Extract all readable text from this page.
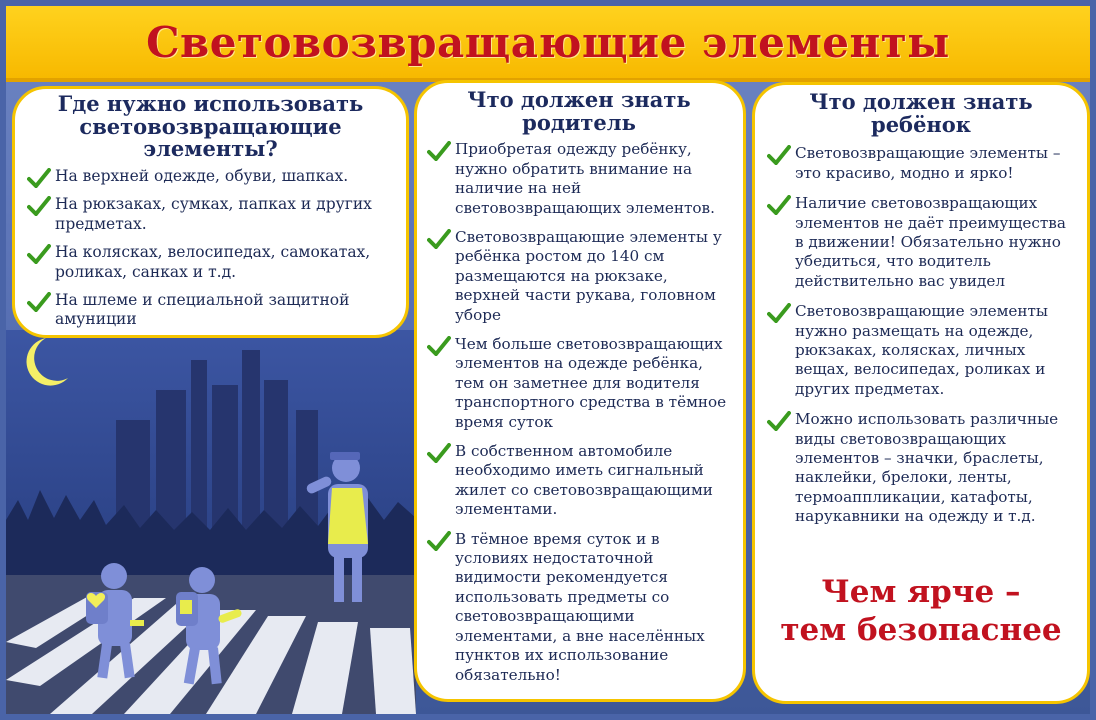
Световозвращающие элементы
Где нужно использовать световозвращающие элементы?
На верхней одежде, обуви, шапках.
На рюкзаках, сумках, папках и других предметах.
На колясках, велосипедах, самокатах, роликах, санках и т.д.
На шлеме и специальной защитной амуниции
Что должен знать родитель
Приобретая одежду ребёнку, нужно обратить внимание на наличие на ней световозвращающих элементов.
Световозвращающие элементы у ребёнка ростом до 140 см размещаются на рюкзаке, верхней части рукава, головном уборе
Чем больше световозвращающих элементов на одежде ребёнка, тем он заметнее для водителя транспортного средства в тёмное время суток
В собственном автомобиле необходимо иметь сигнальный жилет со световозвращающими элементами.
В тёмное время суток и в условиях недостаточной видимости рекомендуется использовать предметы со световозвращающими элементами, а вне населённых пунктов их использование обязательно!
Что должен знать ребёнок
Световозвращающие элементы – это красиво, модно и ярко!
Наличие световозвращающих элементов не даёт преимущества в движении! Обязательно нужно убедиться, что водитель действительно вас увидел
Световозвращающие элементы нужно размещать на одежде, рюкзаках, колясках, личных вещах, велосипедах, роликах и других предметах.
Можно использовать различные виды световозвращающих элементов – значки, браслеты, наклейки, брелоки, ленты, термоаппликации, катафоты, нарукавники на одежду и т.д.
Чем ярче –
тем безопаснее
